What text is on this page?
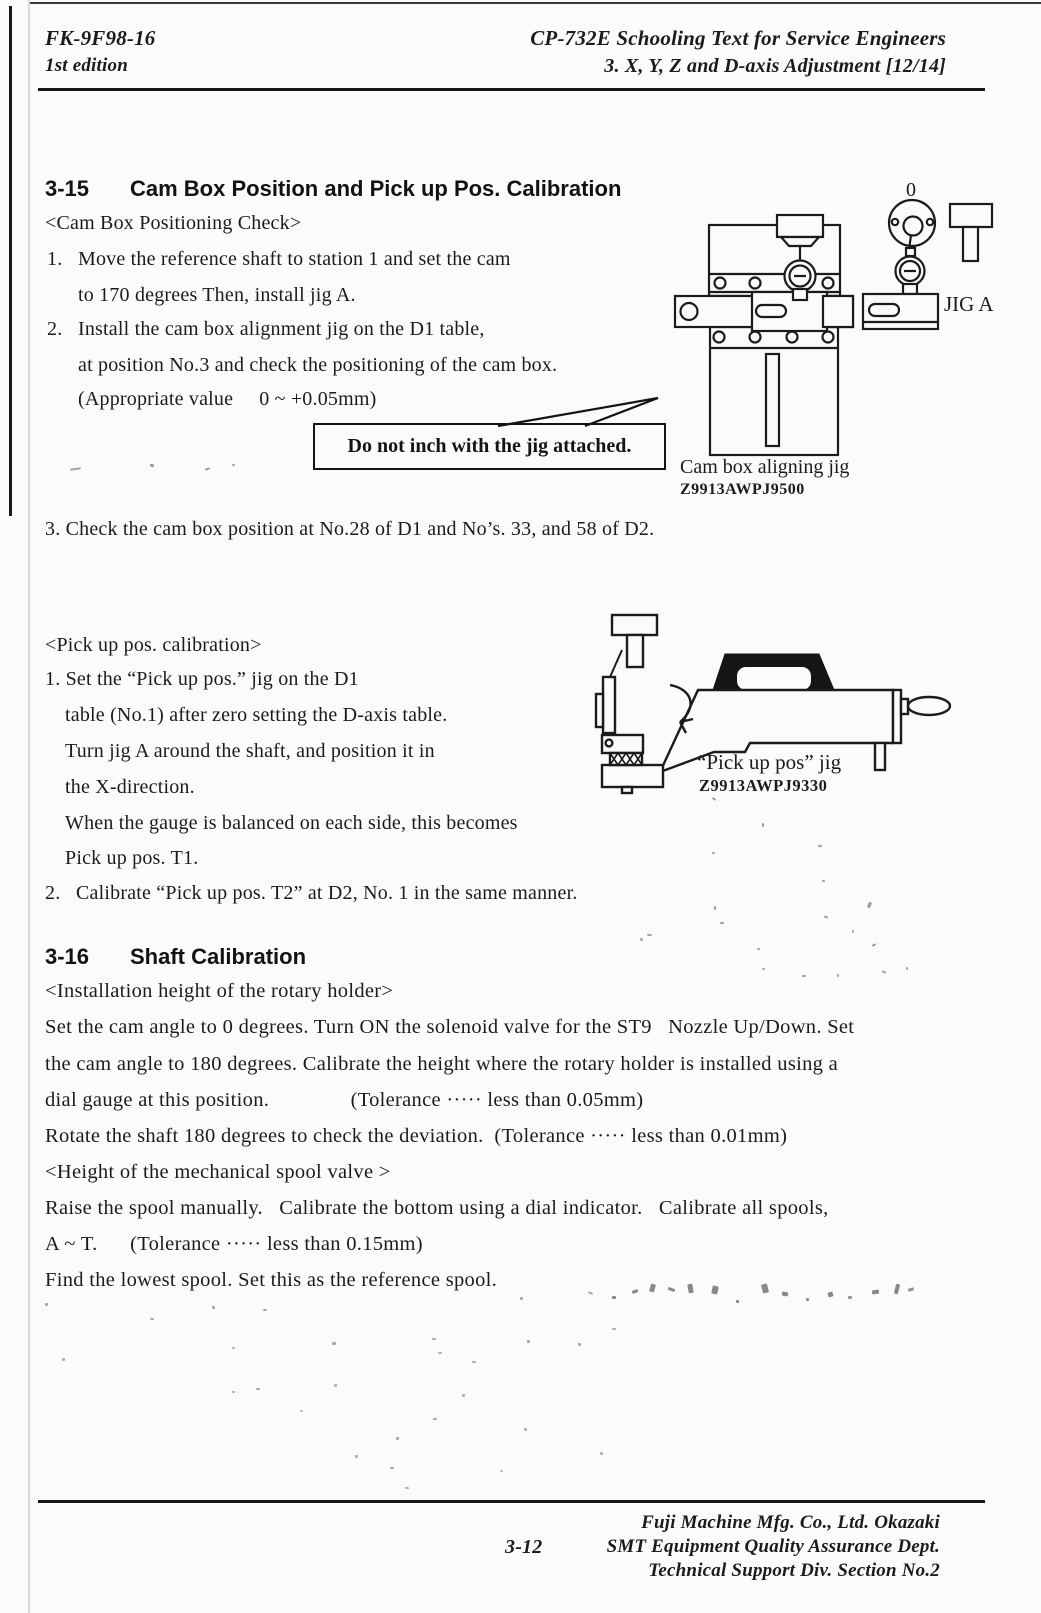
FK-9F98-16
1st edition
CP-732E Schooling Text for Service Engineers
3. X, Y, Z and D-axis Adjustment [12/14]
3-15 Cam Box Position and Pick up Pos. Calibration
<Cam Box Positioning Check>
1.   Move the reference shaft to station 1 and set the cam
to 170 degrees Then, install jig A.
2.   Install the cam box alignment jig on the D1 table,
at position No.3 and check the positioning of the cam box.
(Appropriate value     0 ~ +0.05mm)
Do not inch with the jig attached.
3. Check the cam box position at No.28 of D1 and No’s. 33, and 58 of D2.
0
JIG A
Cam box aligning jig
Z9913AWPJ9500
<Pick up pos. calibration>
1. Set the “Pick up pos.” jig on the D1
table (No.1) after zero setting the D-axis table.
Turn jig A around the shaft, and position it in
the X-direction.
When the gauge is balanced on each side, this becomes
Pick up pos. T1.
2.   Calibrate “Pick up pos. T2” at D2, No. 1 in the same manner.
“Pick up pos” jig
Z9913AWPJ9330
3-16 Shaft Calibration
<Installation height of the rotary holder>
Set the cam angle to 0 degrees. Turn ON the solenoid valve for the ST9   Nozzle Up/Down. Set
the cam angle to 180 degrees. Calibrate the height where the rotary holder is installed using a
dial gauge at this position.               (Tolerance ····· less than 0.05mm)
Rotate the shaft 180 degrees to check the deviation.  (Tolerance ····· less than 0.01mm)
<Height of the mechanical spool valve >
Raise the spool manually.   Calibrate the bottom using a dial indicator.   Calibrate all spools,
A ~ T.      (Tolerance ····· less than 0.15mm)
Find the lowest spool. Set this as the reference spool.
3-12
Fuji Machine Mfg. Co., Ltd. Okazaki
SMT Equipment Quality Assurance Dept.
Technical Support Div. Section No.2
